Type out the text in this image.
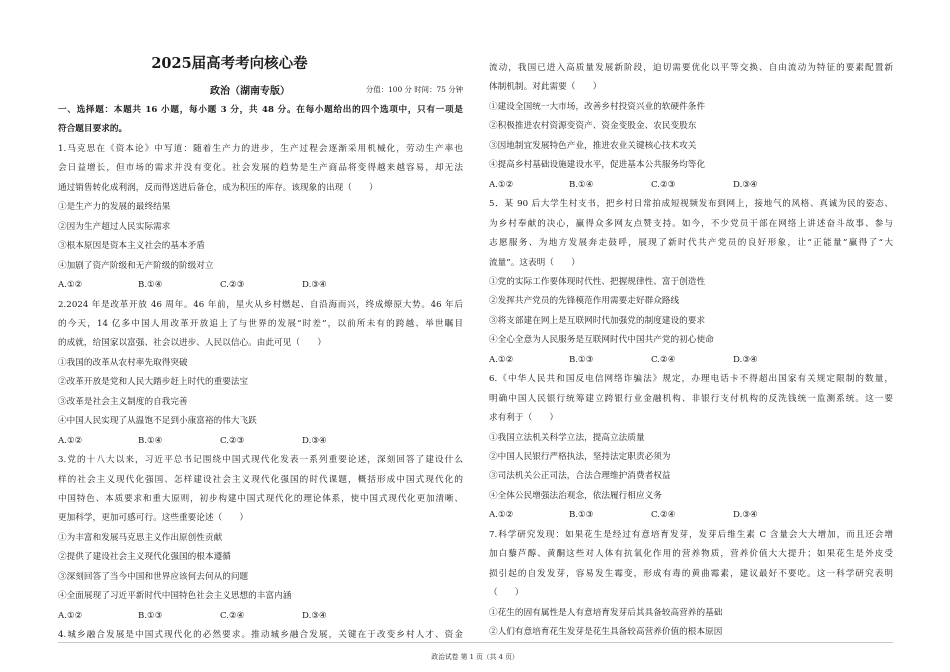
2025届高考考向核心卷
政治（湖南专版）	分值：100 分 时间：75 分钟
一、选择题：本题共 16 小题，每小题 3 分，共 48 分。在每小题给出的四个选项中，只有一项是
符合题目要求的。
1.马克思在《资本论》中写道：随着生产力的进步，生产过程会逐渐采用机械化，劳动生产率也
会日益增长，但市场的需求并没有变化。社会发展的趋势是生产商品将变得越来越容易，却无法
通过销售转化成利润，反而得送进后备仓，成为积压的库存。该现象的出现（　　）
①是生产力的发展的最终结果
②因为生产超过人民实际需求
③根本原因是资本主义社会的基本矛盾
④加剧了资产阶级和无产阶级的阶级对立
A.①②	B.①④	C.②③	D.③④
2.2024 年是改革开放 46 周年。46 年前，星火从乡村燃起、自沿海而兴，终成燎原大势。46 年后
的今天，14 亿多中国人用改革开放追上了与世界的发展“时差”，以前所未有的跨越、举世瞩目
的成就，给国家以富强、社会以进步、人民以信心。由此可见（　　）
①我国的改革从农村率先取得突破
②改革开放是党和人民大踏步赶上时代的重要法宝
③改革是社会主义制度的自我完善
④中国人民实现了从温饱不足到小康富裕的伟大飞跃
A.①②	B.①④	C.②③	D.③④
3.党的十八大以来，习近平总书记围绕中国式现代化发表一系列重要论述，深刻回答了建设什么
样的社会主义现代化强国、怎样建设社会主义现代化强国的时代课题，概括形成中国式现代化的
中国特色、本质要求和重大原则，初步构建中国式现代化的理论体系，使中国式现代化更加清晰、
更加科学，更加可感可行。这些重要论述（　　）
①为丰富和发展马克思主义作出原创性贡献
②提供了建设社会主义现代化强国的根本遵循
③深刻回答了当今中国和世界应该何去何从的问题
④全面展现了习近平新时代中国特色社会主义思想的丰富内涵
A.①②	B.①③	C.②④	D.③④
4.城乡融合发展是中国式现代化的必然要求。推动城乡融合发展，关键在于改变乡村人才、资金
流动，我国已进入高质量发展新阶段，迫切需要优化以平等交换、自由流动为特征的要素配置新
体制机制。对此需要（　　）
①建设全国统一大市场，改善乡村投资兴业的软硬件条件
②积极推进农村资源变资产、资金变股金、农民变股东
③因地制宜发展特色产业，推进农业关键核心技术攻关
④提高乡村基础设施建设水平，促进基本公共服务均等化
A.①②	B.①④	C.②③	D.③④
5．某 90 后大学生村支书，把乡村日常拍成短视频发布到网上，接地气的风格、真诚为民的姿态、
为乡村奉献的决心，赢得众多网友点赞支持。如今，不少党员干部在网络上讲述奋斗故事、参与
志愿服务、为地方发展奔走鼓呼，展现了新时代共产党员的良好形象，让“正能量”赢得了“大
流量”。这表明（　　）
①党的实际工作要体现时代性、把握规律性、富于创造性
②发挥共产党员的先锋模范作用需要走好群众路线
③将支部建在网上是互联网时代加强党的制度建设的要求
④全心全意为人民服务是互联网时代中国共产党的初心使命
A.①②	B.①③	C.②④	D.③④
6.《中华人民共和国反电信网络诈骗法》规定，办理电话卡不得超出国家有关规定限制的数量，
明确中国人民银行统筹建立跨银行业金融机构、非银行支付机构的反洗钱统一监测系统。这一要
求有利于（　　）
①我国立法机关科学立法，提高立法质量
②中国人民银行严格执法，坚持法定职责必须为
③司法机关公正司法，合法合理维护消费者权益
④全体公民增强法治观念，依法履行相应义务
A.①②	B.①③	C.②④	D.③④
7.科学研究发现：如果花生是经过有意培育发芽，发芽后维生素 C 含量会大大增加，而且还会增
加白藜芦醇、黄酮这些对人体有抗氧化作用的营养物质，营养价值大大提升；如果花生是外皮受
损引起的自发发芽，容易发生霉变，形成有毒的黄曲霉素，建议最好不要吃。这一科学研究表明
（　　）
①花生的固有属性是人有意培育发芽后其具备较高营养的基础
②人们有意培育花生发芽是花生具备较高营养价值的根本原因
政治试卷 第 1 页（共 4 页）
